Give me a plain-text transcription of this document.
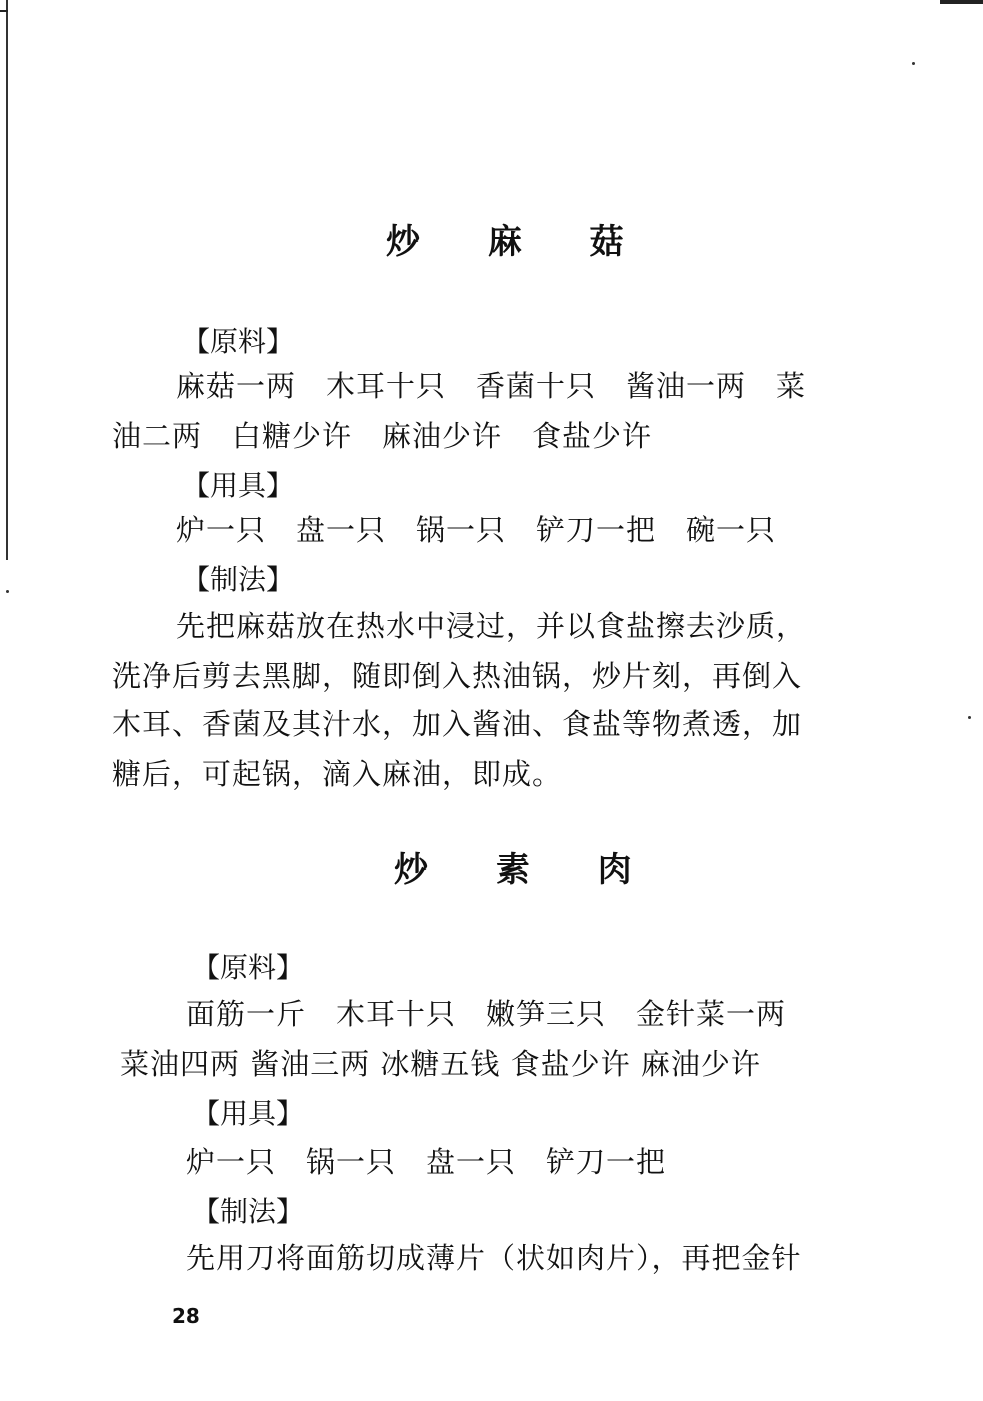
炒 麻 菇
【原料】
麻菇一两　木耳十只　香菌十只　酱油一两　菜
油二两　白糖少许　麻油少许　食盐少许
【用具】
炉一只　盘一只　锅一只　铲刀一把　碗一只
【制法】
先把麻菇放在热水中浸过，并以食盐擦去沙质，
洗净后剪去黑脚，随即倒入热油锅，炒片刻，再倒入
木耳、香菌及其汁水，加入酱油、食盐等物煮透，加
糖后，可起锅，滴入麻油，即成。
炒 素 肉
【原料】
面筋一斤　木耳十只　嫩笋三只　金针菜一两
菜油四两 酱油三两 冰糖五钱 食盐少许 麻油少许
【用具】
炉一只　锅一只　盘一只　铲刀一把
【制法】
先用刀将面筋切成薄片（状如肉片），再把金针
28
